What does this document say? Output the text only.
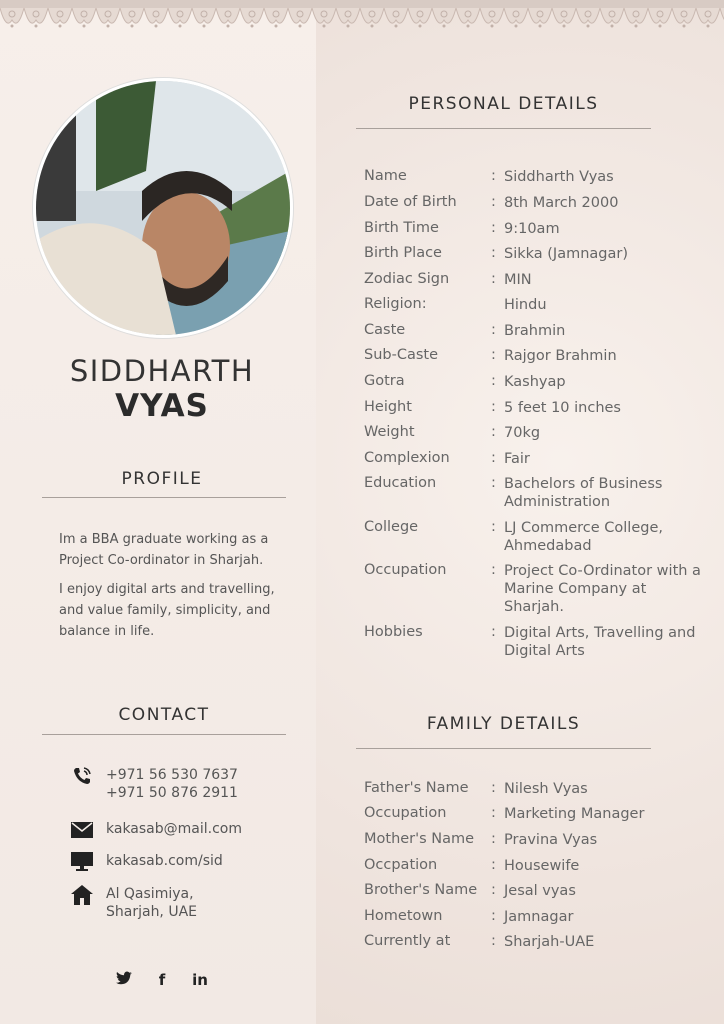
SIDDHARTH
VYAS
PROFILE
Im a BBA graduate working as a Project Co-ordinator in Sharjah.
I enjoy digital arts and travelling, and value family, simplicity, and balance in life.
CONTACT
+971 56 530 7637
+971 50 876 2911
kakasab@mail.com
kakasab.com/sid
Al Qasimiya,
Sharjah, UAE
f	in
PERSONAL DETAILS
Name	: Siddharth Vyas
Date of Birth : 8th March 2000
Birth Time	: 9:10am
Birth Place	: Sikka (Jamnagar)
Zodiac Sign	: MIN
Religion:	Hindu
Caste	: Brahmin
Sub-Caste	: Rajgor Brahmin
Gotra	: Kashyap
Height	: 5 feet 10 inches
Weight	: 70kg
Complexion	: Fair
Education	: Bachelors of Business Administration
College	: LJ Commerce College, Ahmedabad
Occupation	: Project Co-Ordinator with a Marine Company at Sharjah.
Hobbies	: Digital Arts, Travelling and Digital Arts
FAMILY DETAILS
Father's Name : Nilesh Vyas
Occupation	: Marketing Manager
Mother's Name : Pravina Vyas
Occpation	: Housewife
Brother's Name : Jesal vyas
Hometown	: Jamnagar
Currently at	: Sharjah-UAE
